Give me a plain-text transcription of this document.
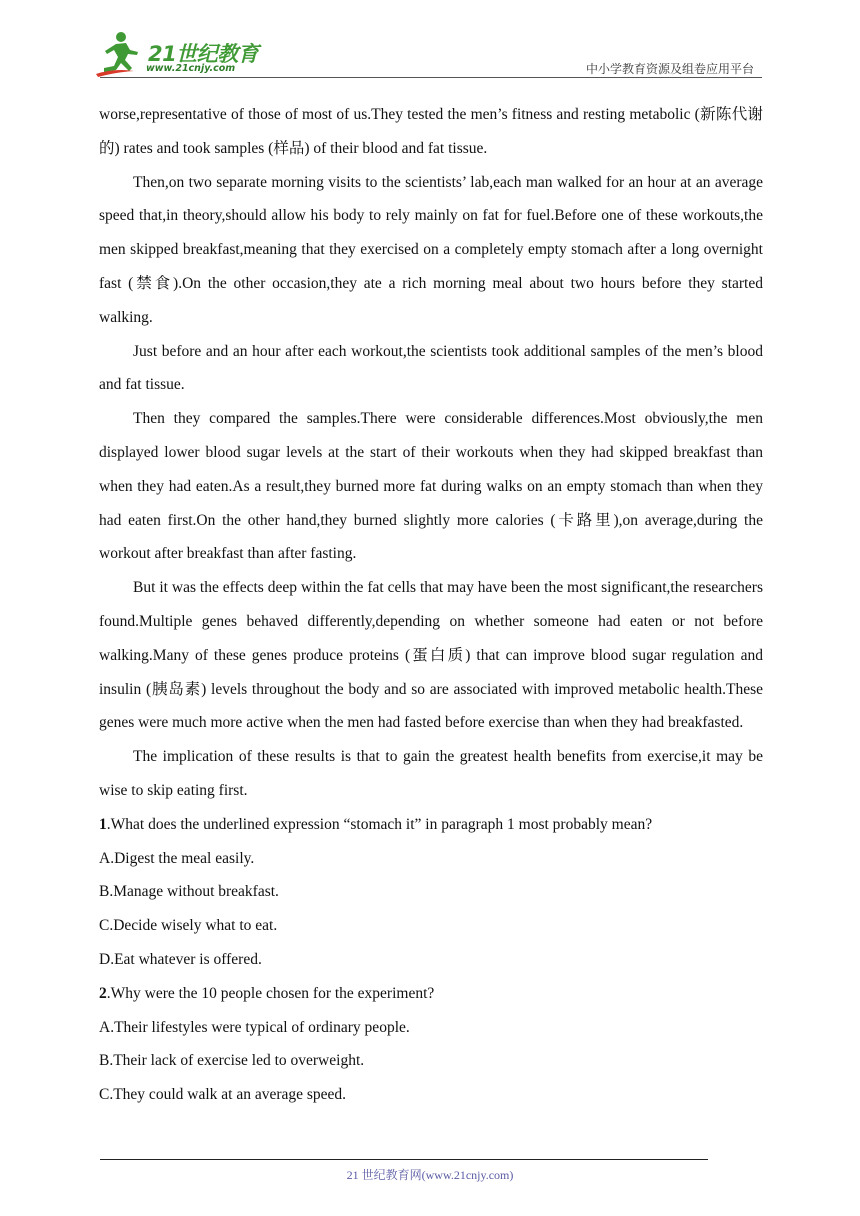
21世纪教育
www.21cnjy.com	中小学教育资源及组卷应用平台

worse,representative of those of most of us.They tested the men’s fitness and resting metabolic (新陈代谢的) rates and took samples (样品) of their blood and fat tissue.

Then,on two separate morning visits to the scientists’ lab,each man walked for an hour at an average speed that,in theory,should allow his body to rely mainly on fat for fuel.Before one of these workouts,the men skipped breakfast,meaning that they exercised on a completely empty stomach after a long overnight fast (禁食).On the other occasion,they ate a rich morning meal about two hours before they started walking.

Just before and an hour after each workout,the scientists took additional samples of the men’s blood and fat tissue.

Then they compared the samples.There were considerable differences.Most obviously,the men displayed lower blood sugar levels at the start of their workouts when they had skipped breakfast than when they had eaten.As a result,they burned more fat during walks on an empty stomach than when they had eaten first.On the other hand,they burned slightly more calories (卡路里),on average,during the workout after breakfast than after fasting.

But it was the effects deep within the fat cells that may have been the most significant,the researchers found.Multiple genes behaved differently,depending on whether someone had eaten or not before walking.Many of these genes produce proteins (蛋白质) that can improve blood sugar regulation and insulin (胰岛素) levels throughout the body and so are associated with improved metabolic health.These genes were much more active when the men had fasted before exercise than when they had breakfasted.

The implication of these results is that to gain the greatest health benefits from exercise,it may be wise to skip eating first.

1.What does the underlined expression “stomach it” in paragraph 1 most probably mean?

A.Digest the meal easily.

B.Manage without breakfast.

C.Decide wisely what to eat.

D.Eat whatever is offered.

2.Why were the 10 people chosen for the experiment?

A.Their lifestyles were typical of ordinary people.

B.Their lack of exercise led to overweight.

C.They could walk at an average speed.

21 世纪教育网(www.21cnjy.com)
